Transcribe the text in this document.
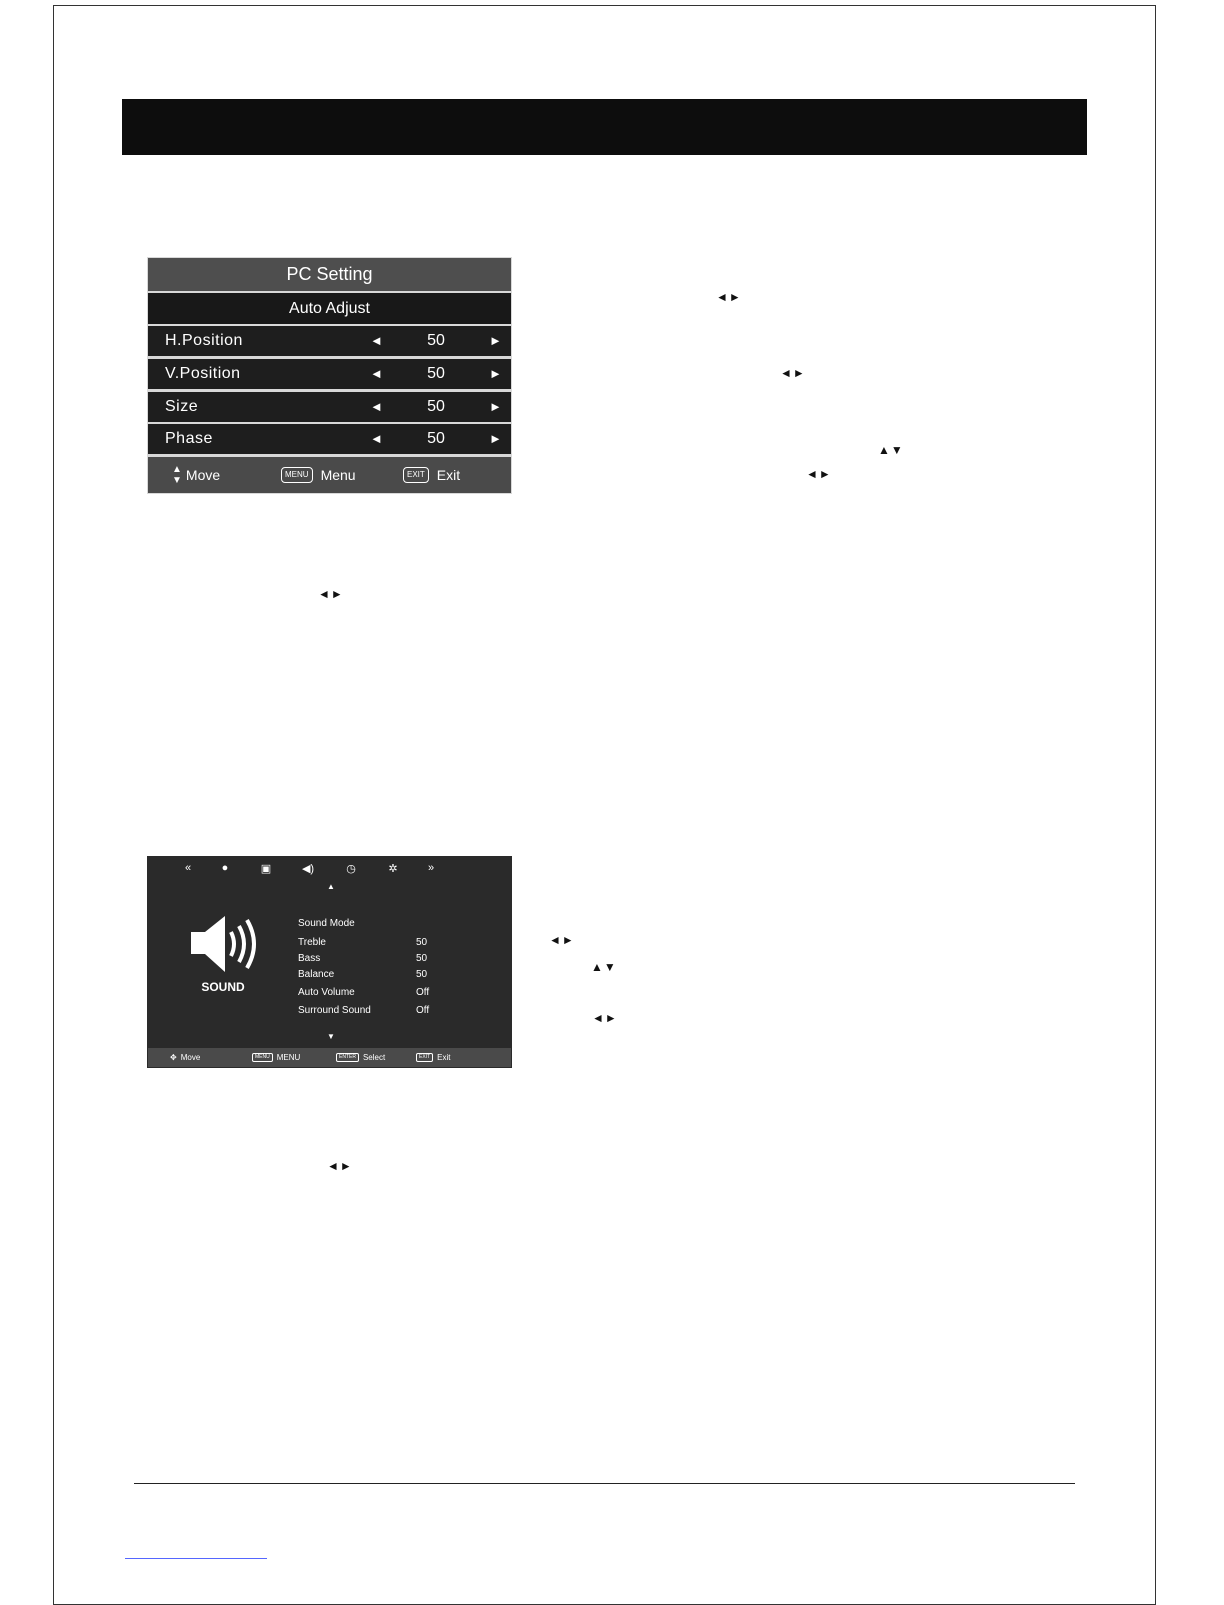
PC Setting
Auto Adjust
H.Position	◄	50	►
V.Position	◄	50	►
Size	◄	50	►
Phase	◄	50	►
▲
▼ Move	MENU Menu	EXIT Exit
◄►
◄►
▲▼
◄►
◄►
«	●	▣	◀)	◷	✲	»
▲
SOUND
Sound Mode
Treble	50
Bass	50
Balance	50
Auto Volume	Off
Surround Sound	Off
▼
✥ Move	MENU MENU	ENTER Select	EXIT Exit
◄►
▲▼
◄►
◄►
